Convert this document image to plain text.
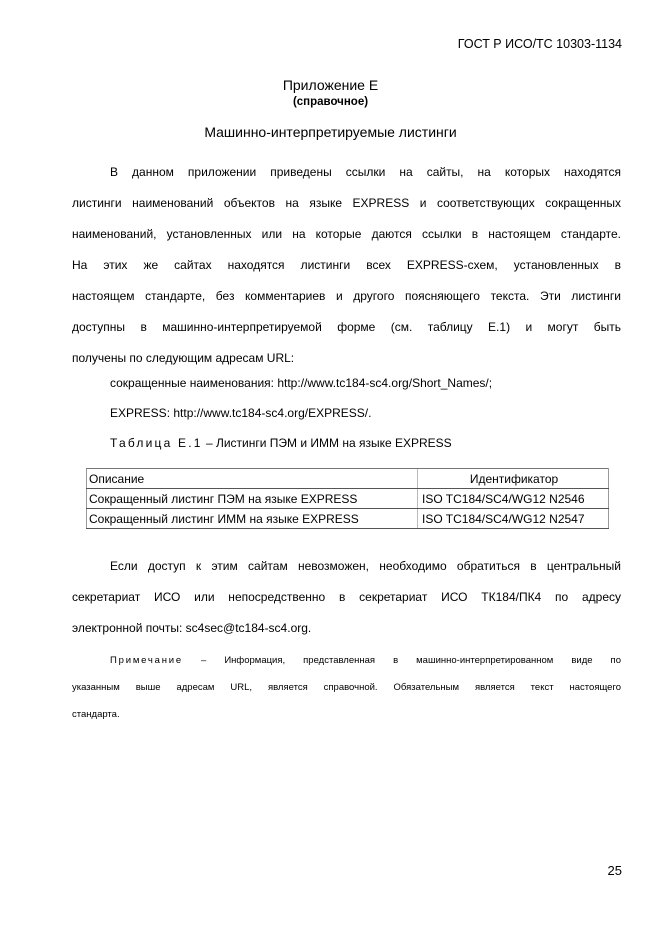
ГОСТ Р ИСО/ТС 10303-1134
Приложение Е
(справочное)
Машинно-интерпретируемые листинги
В данном приложении приведены ссылки на сайты, на которых находятся
листинги наименований объектов на языке EXPRESS и соответствующих сокращенных
наименований, установленных или на которые даются ссылки в настоящем стандарте.
На этих же сайтах находятся листинги всех EXPRESS-схем, установленных в
настоящем стандарте, без комментариев и другого поясняющего текста. Эти листинги
доступны в машинно-интерпретируемой форме (см. таблицу Е.1) и могут быть
получены по следующим адресам URL:
сокращенные наименования: http://www.tc184-sc4.org/Short_Names/;
EXPRESS: http://www.tc184-sc4.org/EXPRESS/.
Таблица Е.1 – Листинги ПЭМ и ИММ на языке EXPRESS
Описание	Идентификатор
Сокращенный листинг ПЭМ на языке EXPRESS	ISO TC184/SC4/WG12 N2546
Сокращенный листинг ИММ на языке EXPRESS	ISO TC184/SC4/WG12 N2547
Если доступ к этим сайтам невозможен, необходимо обратиться в центральный
секретариат ИСО или непосредственно в секретариат ИСО ТК184/ПК4 по адресу
электронной почты: sc4sec@tc184-sc4.org.
Примечание – Информация, представленная в машинно-интерпретированном виде по
указанным выше адресам URL, является справочной. Обязательным является текст настоящего
стандарта.
25
